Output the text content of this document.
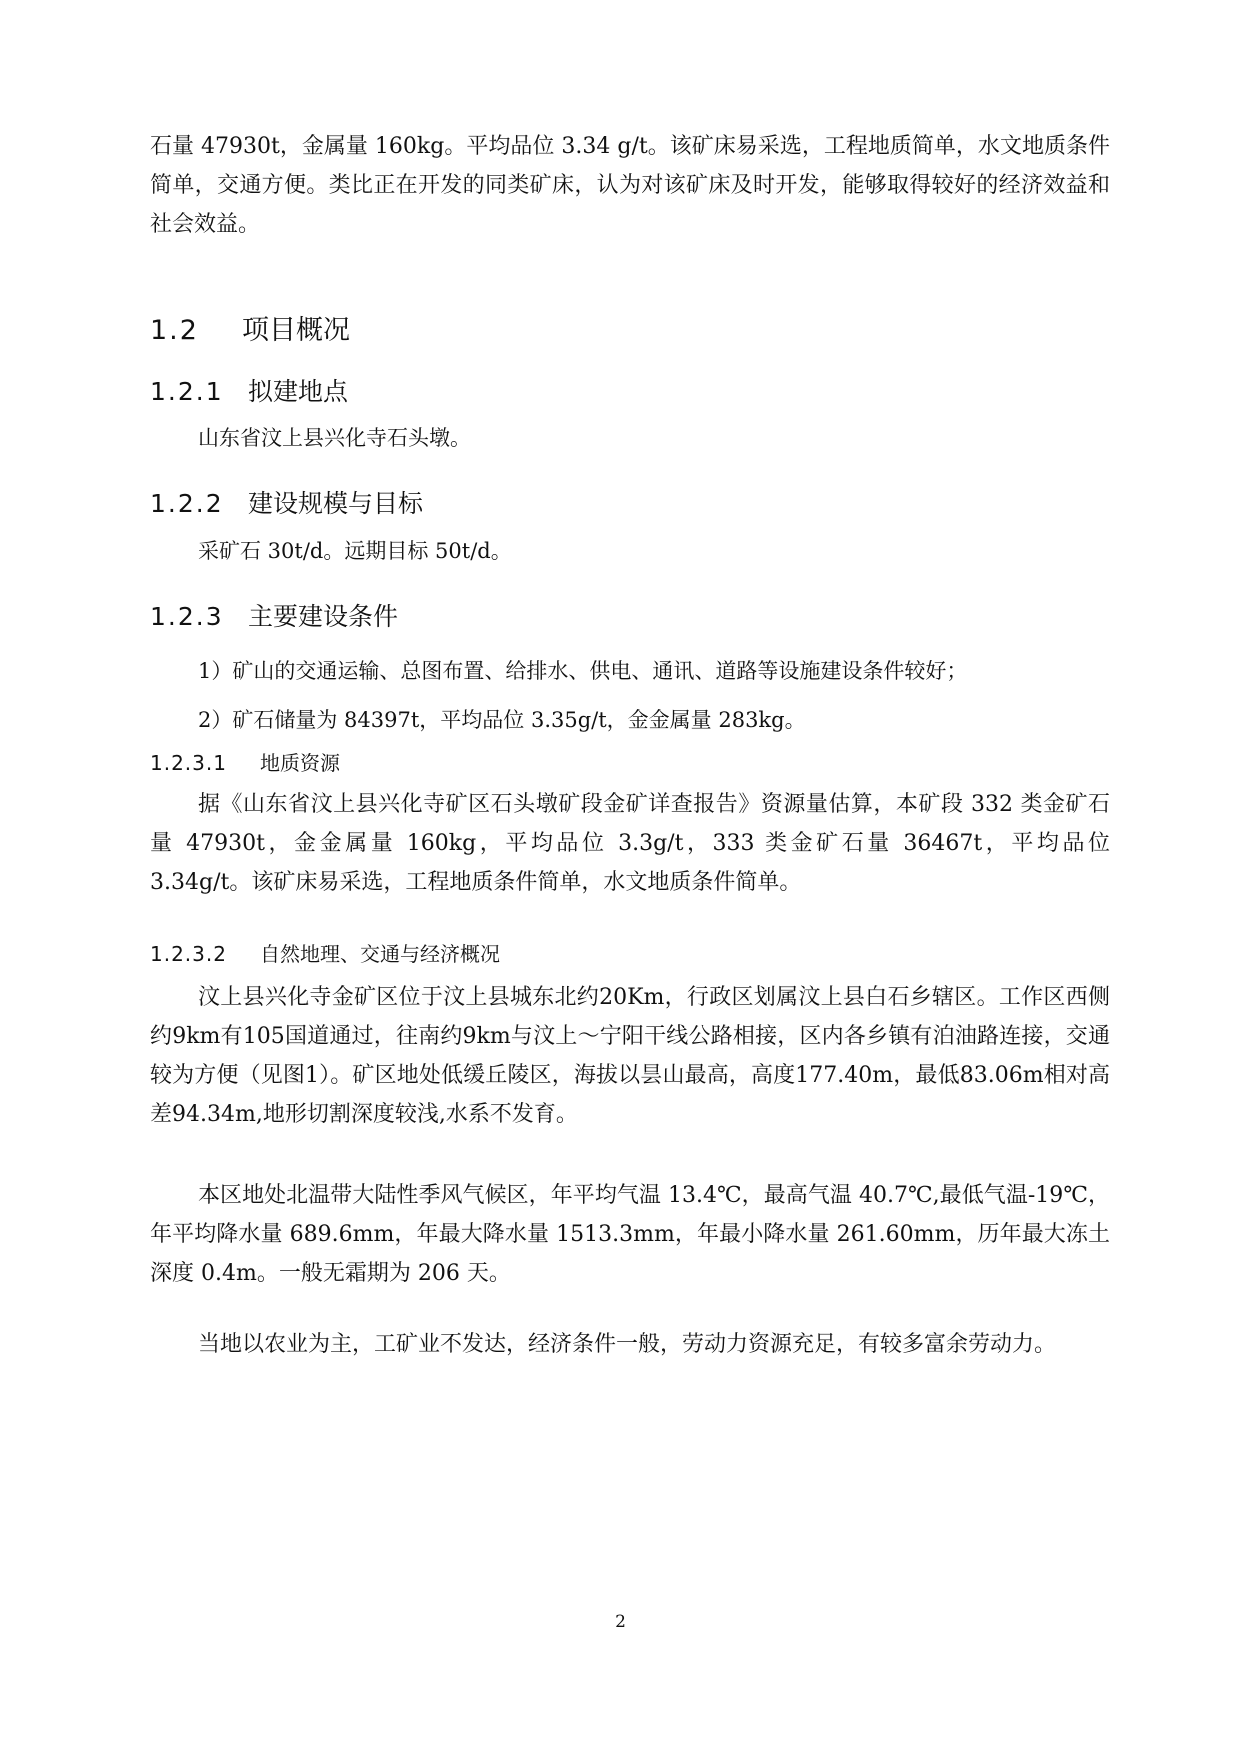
石量 47930t，金属量 160kg。平均品位 3.34 g/t。该矿床易采选，工程地质简单，水文地质条件简单，交通方便。类比正在开发的同类矿床，认为对该矿床及时开发，能够取得较好的经济效益和社会效益。
1.2 项目概况
1.2.1 拟建地点
山东省汶上县兴化寺石头墩。
1.2.2 建设规模与目标
采矿石 30t/d。远期目标 50t/d。
1.2.3 主要建设条件
1）矿山的交通运输、总图布置、给排水、供电、通讯、道路等设施建设条件较好；
2）矿石储量为 84397t，平均品位 3.35g/t，金金属量 283kg。
1.2.3.1 地质资源
据《山东省汶上县兴化寺矿区石头墩矿段金矿详查报告》资源量估算，本矿段 332 类金矿石量 47930t，金金属量 160kg，平均品位 3.3g/t，333 类金矿石量 36467t，平均品位 3.34g/t。该矿床易采选，工程地质条件简单，水文地质条件简单。
1.2.3.2 自然地理、交通与经济概况
汶上县兴化寺金矿区位于汶上县城东北约20Km，行政区划属汶上县白石乡辖区。工作区西侧约9km有105国道通过，往南约9km与汶上～宁阳干线公路相接，区内各乡镇有泊油路连接，交通较为方便（见图1）。矿区地处低缓丘陵区，海拔以昙山最高，高度177.40m，最低83.06m相对高差94.34m,地形切割深度较浅,水系不发育。
本区地处北温带大陆性季风气候区，年平均气温 13.4℃，最高气温 40.7℃,最低气温-19℃，年平均降水量 689.6mm，年最大降水量 1513.3mm，年最小降水量 261.60mm，历年最大冻土深度 0.4m。一般无霜期为 206 天。
当地以农业为主，工矿业不发达，经济条件一般，劳动力资源充足，有较多富余劳动力。
2
